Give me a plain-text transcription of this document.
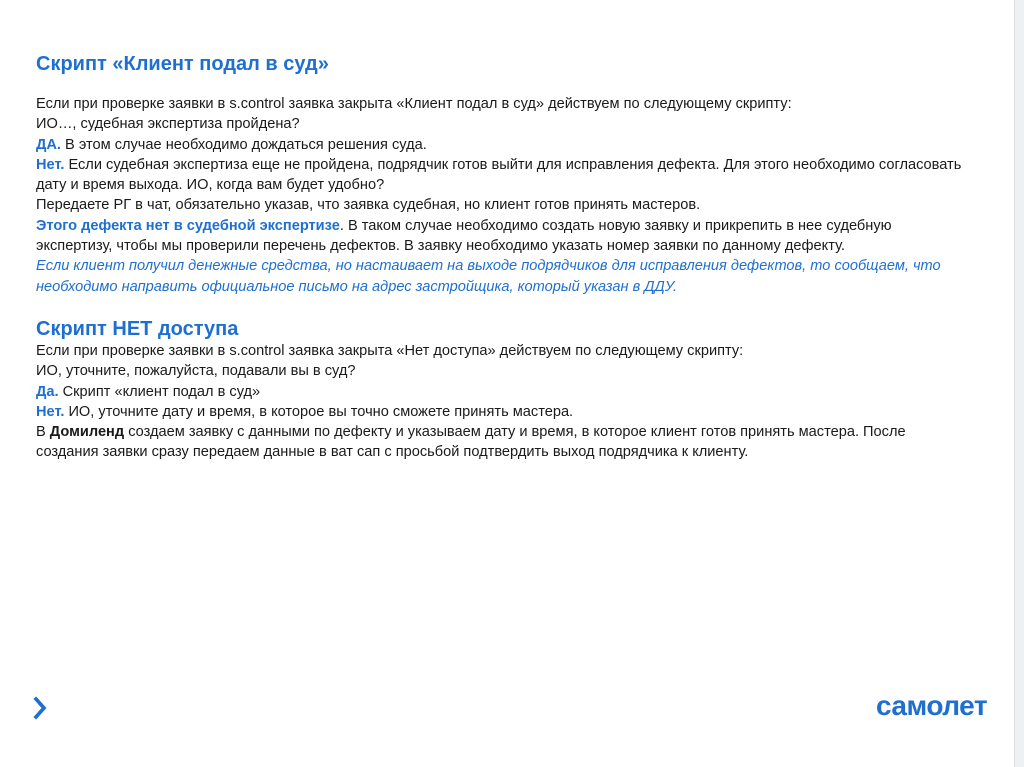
Скрипт «Клиент подал в суд»

Если при проверке заявки в s.control заявка закрыта «Клиент подал в суд» действуем по следующему скрипту:

ИО…, судебная экспертиза пройдена?

ДА. В этом случае необходимо дождаться решения суда.

Нет. Если судебная экспертиза еще не пройдена, подрядчик готов выйти для исправления дефекта. Для этого необходимо согласовать дату и время выхода. ИО, когда вам будет удобно?

Передаете РГ в чат, обязательно указав, что заявка судебная, но клиент готов принять мастеров.

Этого дефекта нет в судебной экспертизе. В таком случае необходимо создать новую заявку и прикрепить в нее судебную экспертизу, чтобы мы проверили перечень дефектов. В заявку необходимо указать номер заявки по данному дефекту.

Если клиент получил денежные средства, но настаивает на выходе подрядчиков для исправления дефектов, то сообщаем, что необходимо направить официальное письмо на адрес застройщика, который указан в ДДУ.

Скрипт НЕТ доступа

Если при проверке заявки в s.control заявка закрыта «Нет доступа» действуем по следующему скрипту:

ИО, уточните, пожалуйста, подавали вы в суд?

Да. Скрипт «клиент подал в суд»

Нет. ИО, уточните дату и время, в которое вы точно сможете принять мастера.

В Домиленд создаем заявку с данными по дефекту и указываем дату и время, в которое клиент готов принять мастера. После создания заявки сразу передаем данные в ват сап с просьбой подтвердить выход подрядчика к клиенту.

самолет
